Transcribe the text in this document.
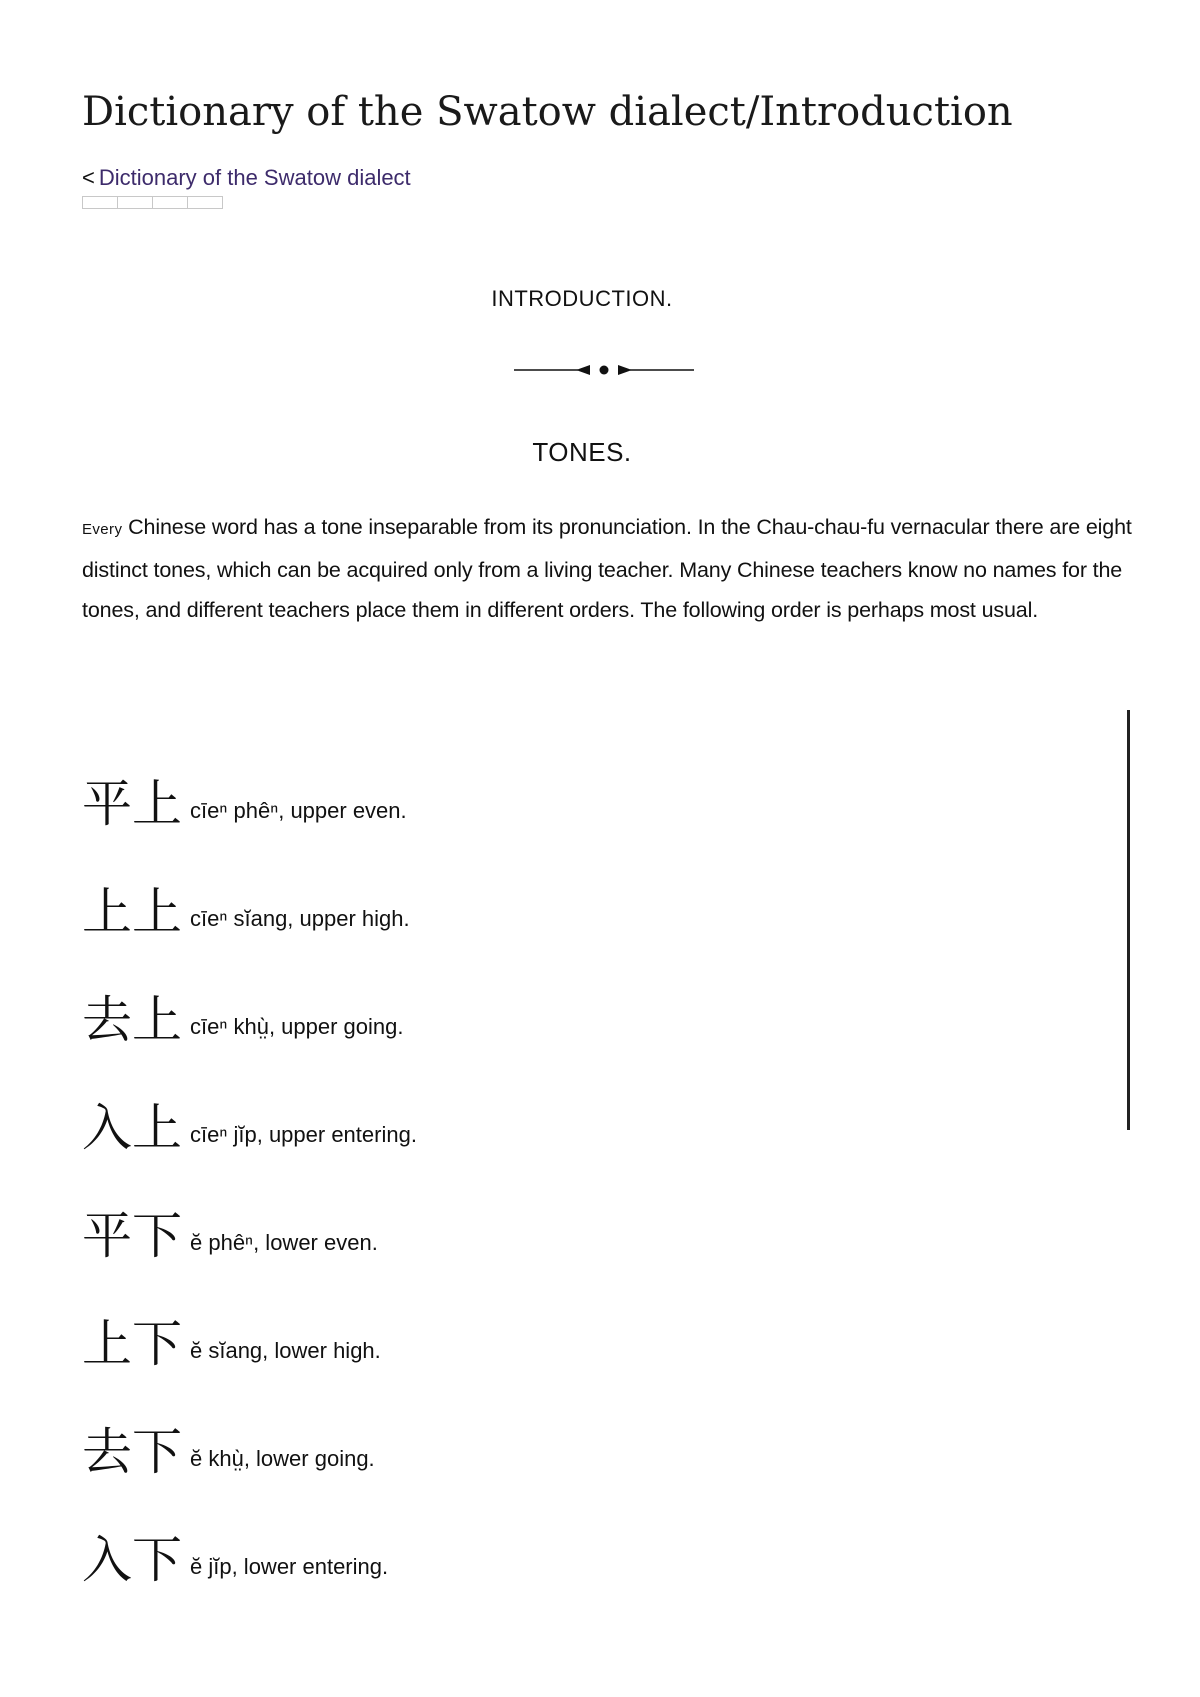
Dictionary of the Swatow dialect/Introduction
< Dictionary of the Swatow dialect
INTRODUCTION.
TONES.

Every Chinese word has a tone inseparable from its pronunciation. In the Chau-chau-fu vernacular there are eight distinct tones, which can be acquired only from a living teacher. Many Chinese teachers know no names for the tones, and different teachers place them in different orders. The following order is perhaps most usual.

平上 cīeⁿ phêⁿ, upper even.
上上 cīeⁿ sĭang, upper high.
去上 cīeⁿ khṳ̀, upper going.
入上 cīeⁿ jĭp, upper entering.
平下 ĕ phêⁿ, lower even.
上下 ĕ sĭang, lower high.
去下 ĕ khṳ̀, lower going.
入下 ĕ jĭp, lower entering.
